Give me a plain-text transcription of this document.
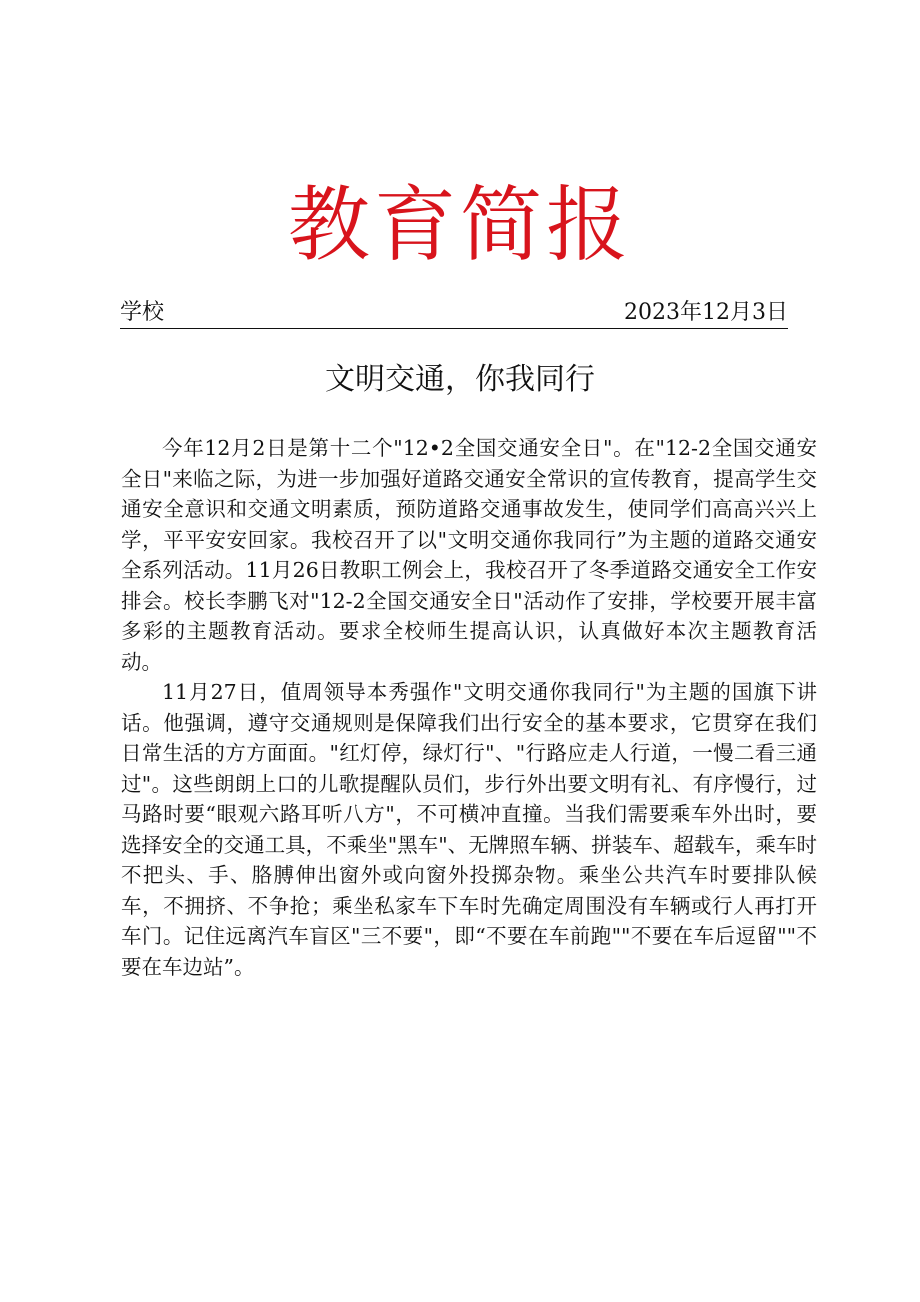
教育简报
学校	2023年12月3日
文明交通，你我同行

今年12月2日是第十二个"12•2全国交通安全日"。在"12-2全国交通安全日"来临之际，为进一步加强好道路交通安全常识的宣传教育，提高学生交通安全意识和交通文明素质，预防道路交通事故发生，使同学们高高兴兴上学，平平安安回家。我校召开了以"文明交通你我同行”为主题的道路交通安全系列活动。11月26日教职工例会上，我校召开了冬季道路交通安全工作安排会。校长李鹏飞对"12-2全国交通安全日"活动作了安排，学校要开展丰富多彩的主题教育活动。要求全校师生提高认识，认真做好本次主题教育活动。

11月27日，值周领导本秀强作"文明交通你我同行"为主题的国旗下讲话。他强调，遵守交通规则是保障我们出行安全的基本要求，它贯穿在我们日常生活的方方面面。"红灯停，绿灯行"、"行路应走人行道，一慢二看三通过"。这些朗朗上口的儿歌提醒队员们，步行外出要文明有礼、有序慢行，过马路时要“眼观六路耳听八方"，不可横冲直撞。当我们需要乘车外出时，要选择安全的交通工具，不乘坐"黑车"、无牌照车辆、拼装车、超载车，乘车时不把头、手、胳膊伸出窗外或向窗外投掷杂物。乘坐公共汽车时要排队候车，不拥挤、不争抢；乘坐私家车下车时先确定周围没有车辆或行人再打开车门。记住远离汽车盲区"三不要"，即“不要在车前跑""不要在车后逗留""不要在车边站”。
